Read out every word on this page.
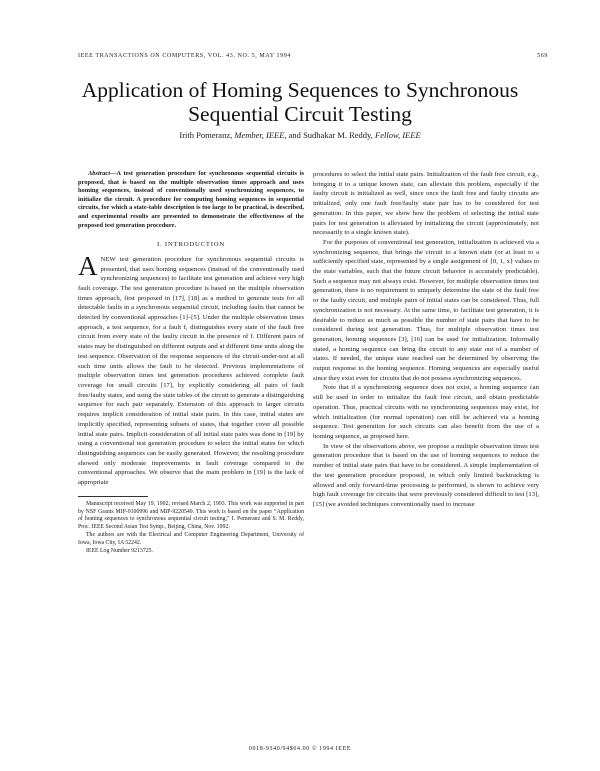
IEEE TRANSACTIONS ON COMPUTERS, VOL. 43, NO. 5, MAY 1994	569
Application of Homing Sequences to Synchronous Sequential Circuit Testing
Irith Pomeranz, Member, IEEE, and Sudhakar M. Reddy, Fellow, IEEE

Abstract—A test generation procedure for synchronous sequential circuits is proposed, that is based on the multiple observation times approach and uses homing sequences, instead of conventionally used synchronizing sequences, to initialize the circuit. A procedure for computing homing sequences in sequential circuits, for which a state-table description is too large to be practical, is described, and experimental results are presented to demonstrate the effectiveness of the proposed test generation procedure.

I. INTRODUCTION

ANEW test generation procedure for synchronous sequential circuits is presented, that uses homing sequences (instead of the conventionally used synchronizing sequences) to facilitate test generation and achieve very high fault coverage. The test generation procedure is based on the multiple observation times approach, first proposed in [17], [18] as a method to generate tests for all detectable faults in a synchronous sequential circuit, including faults that cannot be detected by conventional approaches [1]–[5]. Under the multiple observation times approach, a test sequence, for a fault f, distinguishes every state of the fault free circuit from every state of the faulty circuit in the presence of f. Different pairs of states may be distinguished on different outputs and at different time units along the test sequence. Observation of the response sequences of the circuit-under-test at all such time units allows the fault to be detected. Previous implementations of multiple observation times test generation procedures achieved complete fault coverage for small circuits [17], by explicitly considering all pairs of fault free/faulty states, and using the state tables of the circuit to generate a distinguishing sequence for each pair separately. Extension of this approach to larger circuits requires implicit consideration of initial state pairs. In this case, initial states are implicitly specified, representing subsets of states, that together cover all possible initial state pairs. Implicit consideration of all initial state pairs was done in [19] by using a conventional test generation procedure to select the initial states for which distinguishing sequences can be easily generated. However, the resulting procedure showed only moderate improvements in fault coverage compared to the conventional approaches. We observe that the main problem in [19] is the lack of appropriate

Manuscript received May 19, 1992; revised March 2, 1993. This work was supported in part by NSF Grants MIP-9100996 and MIP-9220549. This work is based on the paper “Application of homing sequences to synchronous sequential circuit testing,” I. Pomeranz and S. M. Reddy, Proc. IEEE Second Asian Test Symp., Beijing, China, Nov. 1992.

The authors are with the Electrical and Computer Engineering Department, University of Iowa, Iowa City, IA 52242.

IEEE Log Number 9213725.

procedures to select the initial state pairs. Initialization of the fault free circuit, e.g., bringing it to a unique known state, can alleviate this problem, especially if the faulty circuit is initialized as well, since once the fault free and faulty circuits are initialized, only one fault free/faulty state pair has to be considered for test generation. In this paper, we show how the problem of selecting the initial state pairs for test generation is alleviated by initializing the circuit (approximately, not necessarily to a single known state).

For the purposes of conventional test generation, initialization is achieved via a synchronizing sequence, that brings the circuit to a known state (or at least to a sufficiently specified state, represented by a single assignment of {0, 1, x} values to the state variables, such that the future circuit behavior is accurately predictable). Such a sequence may not always exist. However, for multiple observation times test generation, there is no requirement to uniquely determine the state of the fault free or the faulty circuit, and multiple pairs of initial states can be considered. Thus, full synchronization is not necessary. At the same time, to facilitate test generation, it is desirable to reduce as much as possible the number of state pairs that have to be considered during test generation. Thus, for multiple observation times test generation, homing sequences [3], [16] can be used for initialization. Informally stated, a homing sequence can bring the circuit to any state out of a number of states. If needed, the unique state reached can be determined by observing the output response to the homing sequence. Homing sequences are especially useful since they exist even for circuits that do not possess synchronizing sequences.

Note that if a synchronizing sequence does not exist, a homing sequence can still be used in order to initialize the fault free circuit, and obtain predictable operation. Thus, practical circuits with no synchronizing sequences may exist, for which initialization (for normal operation) can still be achieved via a homing sequence. Test generation for such circuits can also benefit from the use of a homing sequence, as proposed here.

In view of the observations above, we propose a multiple observation times test generation procedure that is based on the use of homing sequences to reduce the number of initial state pairs that have to be considered. A simple implementation of the test generation procedure proposed, in which only limited backtracking is allowed and only forward-time processing is performed, is shown to achieve very high fault coverage for circuits that were previously considered difficult to test [13], [15] (we avoided techniques conventionally used to increase

0018-9340/94$04.00 © 1994 IEEE
